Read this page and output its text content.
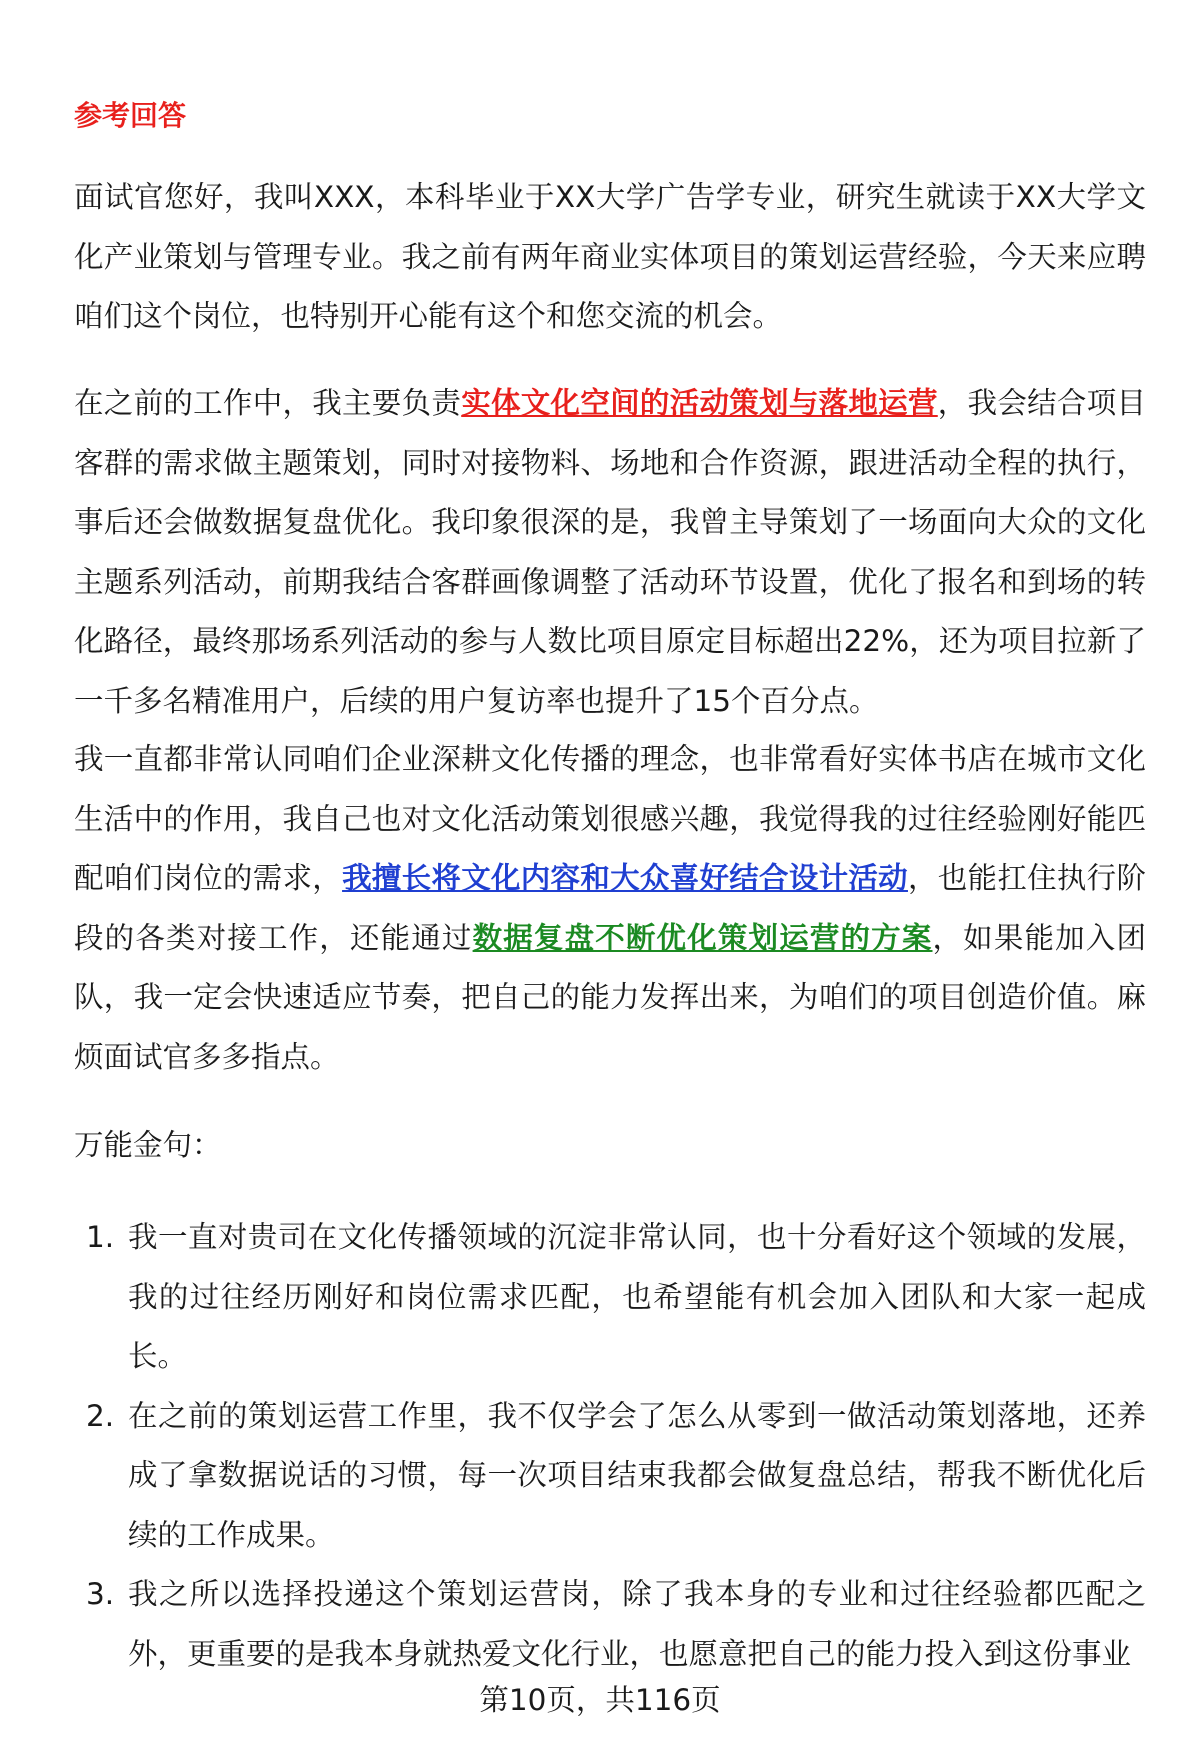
参考回答

面试官您好，我叫XXX，本科毕业于XX大学广告学专业，研究生就读于XX大学文化产业策划与管理专业。我之前有两年商业实体项目的策划运营经验，今天来应聘咱们这个岗位，也特别开心能有这个和您交流的机会。

在之前的工作中，我主要负责实体文化空间的活动策划与落地运营，我会结合项目客群的需求做主题策划，同时对接物料、场地和合作资源，跟进活动全程的执行，事后还会做数据复盘优化。我印象很深的是，我曾主导策划了一场面向大众的文化主题系列活动，前期我结合客群画像调整了活动环节设置，优化了报名和到场的转化路径，最终那场系列活动的参与人数比项目原定目标超出22%，还为项目拉新了一千多名精准用户，后续的用户复访率也提升了15个百分点。

我一直都非常认同咱们企业深耕文化传播的理念，也非常看好实体书店在城市文化生活中的作用，我自己也对文化活动策划很感兴趣，我觉得我的过往经验刚好能匹配咱们岗位的需求，我擅长将文化内容和大众喜好结合设计活动，也能扛住执行阶段的各类对接工作，还能通过数据复盘不断优化策划运营的方案，如果能加入团队，我一定会快速适应节奏，把自己的能力发挥出来，为咱们的项目创造价值。麻烦面试官多多指点。

万能金句：
1. 我一直对贵司在文化传播领域的沉淀非常认同，也十分看好这个领域的发展，我的过往经历刚好和岗位需求匹配，也希望能有机会加入团队和大家一起成长。
2. 在之前的策划运营工作里，我不仅学会了怎么从零到一做活动策划落地，还养成了拿数据说话的习惯，每一次项目结束我都会做复盘总结，帮我不断优化后续的工作成果。
3. 我之所以选择投递这个策划运营岗，除了我本身的专业和过往经验都匹配之外，更重要的是我本身就热爱文化行业，也愿意把自己的能力投入到这份事业
第10页，共116页
